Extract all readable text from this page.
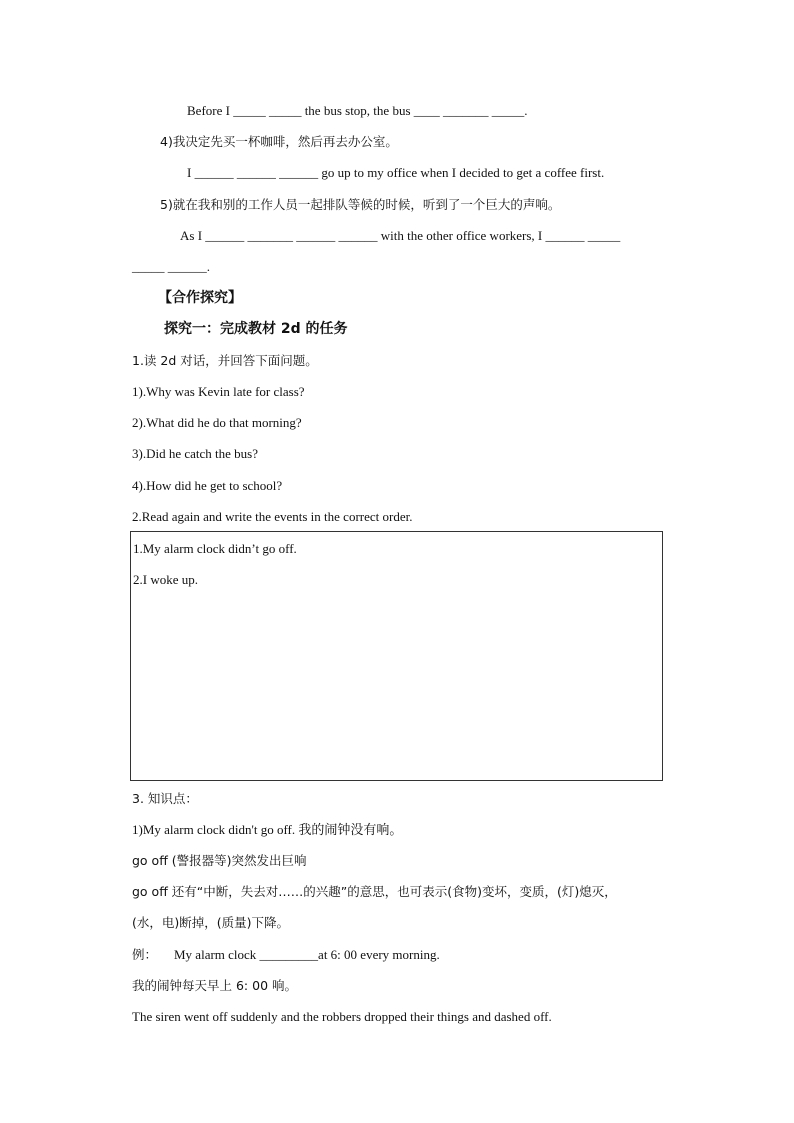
Before I _____ _____ the bus stop, the bus ____ _______ _____.
4)我决定先买一杯咖啡，然后再去办公室。
I ______ ______ ______ go up to my office when I decided to get a coffee first.
5)就在我和别的工作人员一起排队等候的时候，听到了一个巨大的声响。
As I ______ _______ ______ ______ with the other office workers, I ______ _____
_____ ______.
【合作探究】
探究一：完成教材 2d 的任务
1.读 2d 对话，并回答下面问题。
1).Why was Kevin late for class?
2).What did he do that morning?
3).Did he catch the bus?
4).How did he get to school?
2.Read again and write the events in the correct order.
1.My alarm clock didn’t go off.
2.I woke up.
3. 知识点：
1)My alarm clock didn't go off. 我的闹钟没有响。
go off (警报器等)突然发出巨响
go off 还有“中断，失去对……的兴趣”的意思，也可表示(食物)变坏，变质，(灯)熄灭，
(水，电)断掉，(质量)下降。
例： My alarm clock _________at 6: 00 every morning.
我的闹钟每天早上 6: 00 响。
The siren went off suddenly and the robbers dropped their things and dashed off.
